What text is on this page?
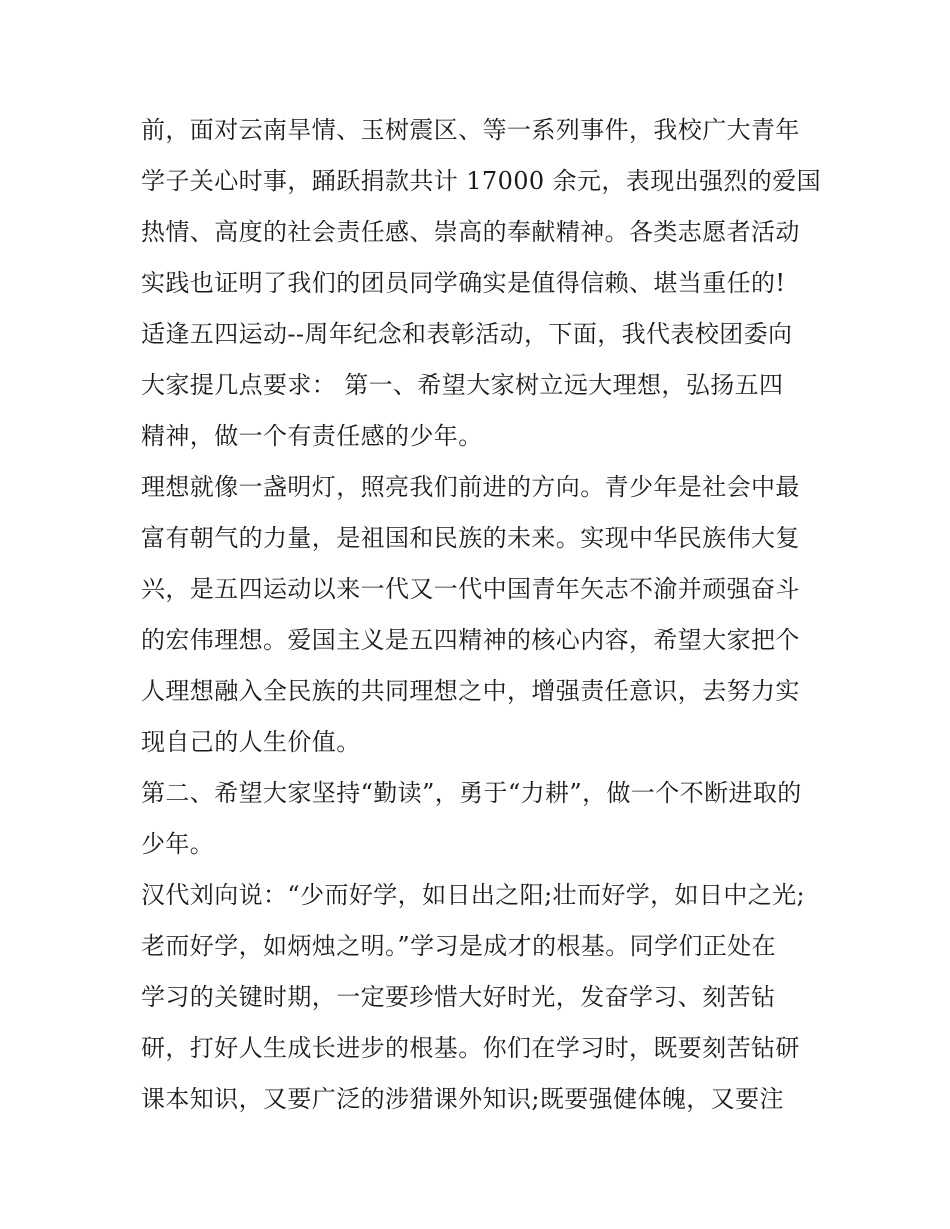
前，面对云南旱情、玉树震区、等一系列事件，我校广大青年
学子关心时事，踊跃捐款共计 17000 余元，表现出强烈的爱国
热情、高度的社会责任感、崇高的奉献精神。各类志愿者活动
实践也证明了我们的团员同学确实是值得信赖、堪当重任的!
适逢五四运动--周年纪念和表彰活动，下面，我代表校团委向
大家提几点要求： 第一、希望大家树立远大理想，弘扬五四
精神，做一个有责任感的少年。
理想就像一盏明灯，照亮我们前进的方向。青少年是社会中最
富有朝气的力量，是祖国和民族的未来。实现中华民族伟大复
兴，是五四运动以来一代又一代中国青年矢志不渝并顽强奋斗
的宏伟理想。爱国主义是五四精神的核心内容，希望大家把个
人理想融入全民族的共同理想之中，增强责任意识，去努力实
现自己的人生价值。
第二、希望大家坚持“勤读”，勇于“力耕”，做一个不断进取的
少年。
汉代刘向说：“少而好学，如日出之阳;壮而好学，如日中之光;
老而好学，如炳烛之明。”学习是成才的根基。同学们正处在
学习的关键时期，一定要珍惜大好时光，发奋学习、刻苦钻
研，打好人生成长进步的根基。你们在学习时，既要刻苦钻研
课本知识，又要广泛的涉猎课外知识;既要强健体魄，又要注
